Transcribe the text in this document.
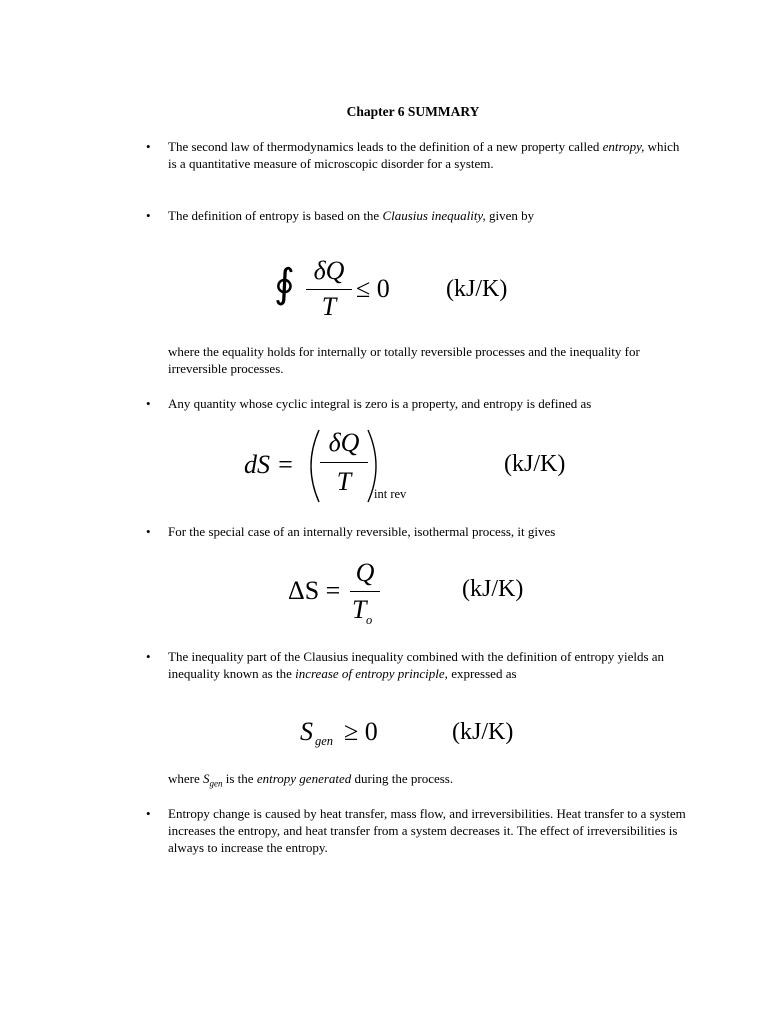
Chapter 6 SUMMARY
• The second law of thermodynamics leads to the definition of a new property called entropy, which is a quantitative measure of microscopic disorder for a system.
• The definition of entropy is based on the Clausius inequality, given by
∮ δQ
T
≤ 0 (kJ/K)
where the equality holds for internally or totally reversible processes and the inequality for irreversible processes.
• Any quantity whose cyclic integral is zero is a property, and entropy is defined as
dS =
δQ
T	int rev
(kJ/K)
• For the special case of an internally reversible, isothermal process, it gives
ΔS =
Q
T o
(kJ/K)
• The inequality part of the Clausius inequality combined with the definition of entropy yields an inequality known as the increase of entropy principle, expressed as
S gen ≥ 0	(kJ/K)
where $S_{gen}$ is the entropy generated during the process.
• Entropy change is caused by heat transfer, mass flow, and irreversibilities. Heat transfer to a system increases the entropy, and heat transfer from a system decreases it. The effect of irreversibilities is always to increase the entropy.
